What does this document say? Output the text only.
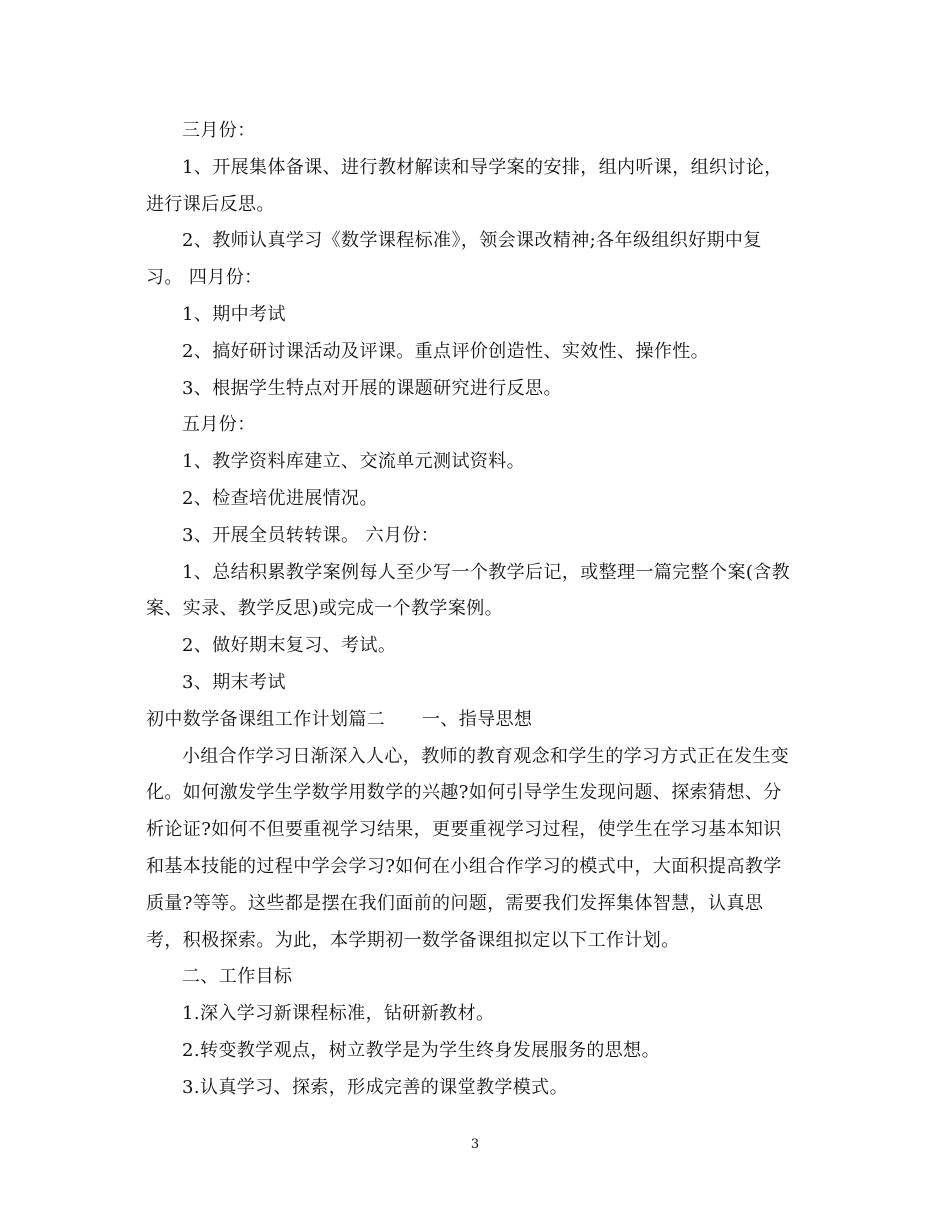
三月份：
1、开展集体备课、进行教材解读和导学案的安排，组内听课，组织讨论，
进行课后反思。
2、教师认真学习《数学课程标准》，领会课改精神;各年级组织好期中复
习。 四月份：
1、期中考试
2、搞好研讨课活动及评课。重点评价创造性、实效性、操作性。
3、根据学生特点对开展的课题研究进行反思。
五月份：
1、教学资料库建立、交流单元测试资料。
2、检查培优进展情况。
3、开展全员转转课。 六月份：
1、总结积累教学案例每人至少写一个教学后记，或整理一篇完整个案(含教
案、实录、教学反思)或完成一个教学案例。
2、做好期末复习、考试。
3、期末考试
初中数学备课组工作计划篇二　　一、指导思想
小组合作学习日渐深入人心，教师的教育观念和学生的学习方式正在发生变
化。如何激发学生学数学用数学的兴趣?如何引导学生发现问题、探索猜想、分
析论证?如何不但要重视学习结果，更要重视学习过程，使学生在学习基本知识
和基本技能的过程中学会学习?如何在小组合作学习的模式中，大面积提高教学
质量?等等。这些都是摆在我们面前的问题，需要我们发挥集体智慧，认真思
考，积极探索。为此，本学期初一数学备课组拟定以下工作计划。
二、工作目标
1.深入学习新课程标准，钻研新教材。
2.转变教学观点，树立教学是为学生终身发展服务的思想。
3.认真学习、探索，形成完善的课堂教学模式。
3
